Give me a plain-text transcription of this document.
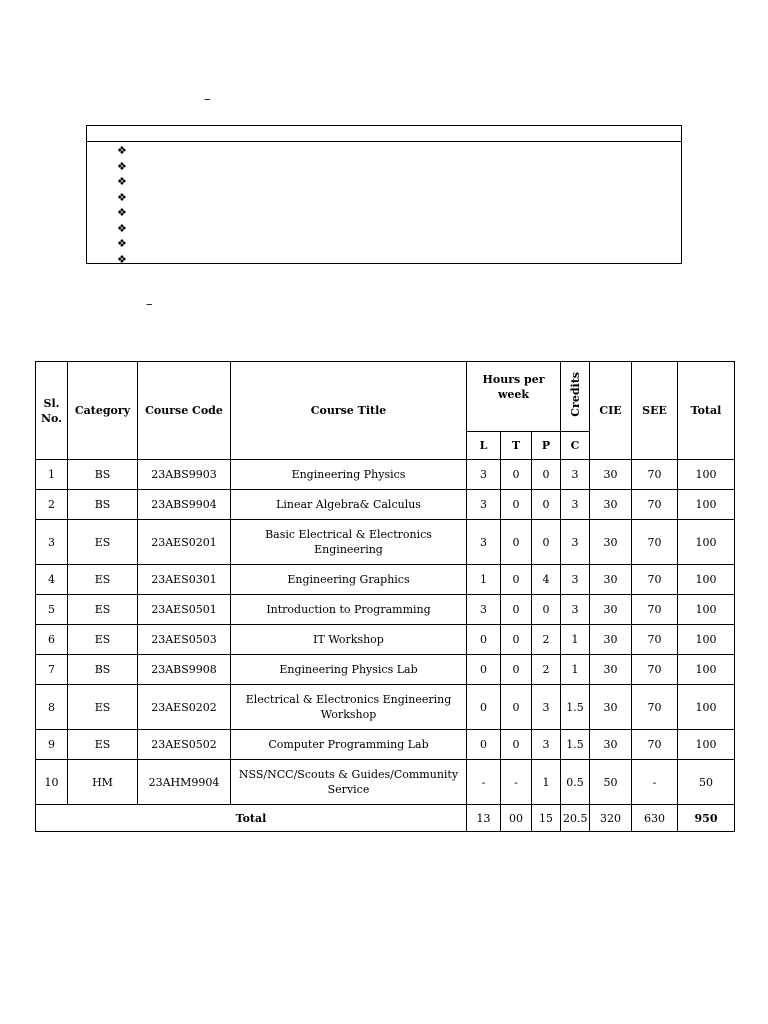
–
❖
❖
❖
❖
❖
❖
❖
❖
–
Sl. No.	Category	Course Code	Course Title	Hours per week			Credits	CIE	SEE	Total
				L	T	P	C			
1	BS	23ABS9903	Engineering Physics	3	0	0	3	30	70	100
2	BS	23ABS9904	Linear Algebra& Calculus	3	0	0	3	30	70	100
3	ES	23AES0201	Basic Electrical & Electronics Engineering	3	0	0	3	30	70	100
4	ES	23AES0301	Engineering Graphics	1	0	4	3	30	70	100
5	ES	23AES0501	Introduction to Programming	3	0	0	3	30	70	100
6	ES	23AES0503	IT Workshop	0	0	2	1	30	70	100
7	BS	23ABS9908	Engineering Physics Lab	0	0	2	1	30	70	100
8	ES	23AES0202	Electrical & Electronics Engineering Workshop	0	0	3	1.5	30	70	100
9	ES	23AES0502	Computer Programming Lab	0	0	3	1.5	30	70	100
10	HM	23AHM9904	NSS/NCC/Scouts & Guides/Community Service	-	-	1	0.5	50	-	50
Total				13	00	15	20.5	320	630	950
